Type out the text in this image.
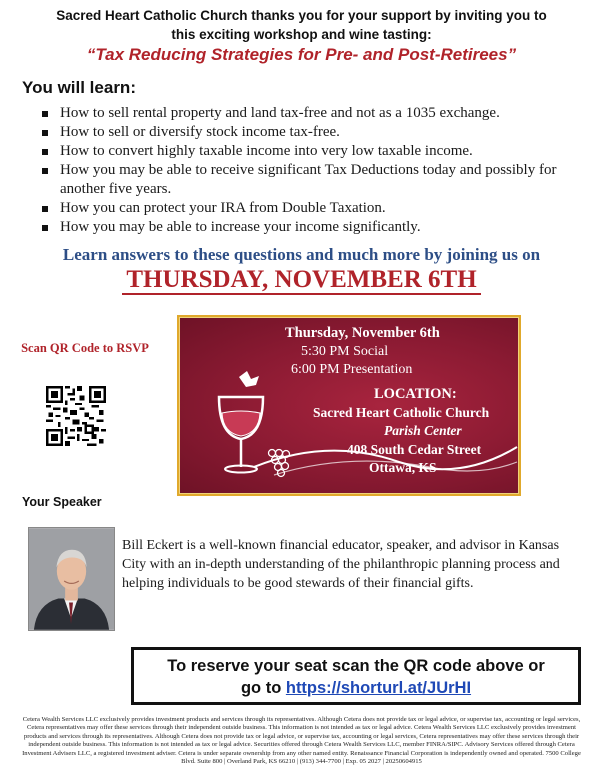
Sacred Heart Catholic Church thanks you for your support by inviting you to
this exciting workshop and wine tasting:
“Tax Reducing Strategies for Pre- and Post-Retirees”
You will learn:
How to sell rental property and land tax-free and not as a 1035 exchange.
How to sell or diversify stock income tax-free.
How to convert highly taxable income into very low taxable income.
How you may be able to receive significant Tax Deductions today and possibly for another five years.
How you can protect your IRA from Double Taxation.
How you may be able to increase your income significantly.
Learn answers to these questions and much more by joining us on
THURSDAY, NOVEMBER 6TH
Scan QR Code to RSVP
Thursday, November 6th
5:30 PM Social
6:00 PM Presentation
LOCATION:
Sacred Heart Catholic Church
Parish Center
408 South Cedar Street
Ottawa, KS
Your Speaker
Bill Eckert is a well-known financial educator, speaker, and advisor in Kansas City with an in-depth understanding of the philanthropic planning process and helping individuals to be good stewards of their financial gifts.
To reserve your seat scan the QR code above or
go to https://shorturl.at/JUrHI
Cetera Wealth Services LLC exclusively provides investment products and services through its representatives. Although Cetera does not provide tax or legal advice, or supervise tax, accounting or legal services, Cetera representatives may offer these services through their independent outside business. This information is not intended as tax or legal advice. Cetera Wealth Services LLC exclusively provides investment products and services through its representatives. Although Cetera does not provide tax or legal advice, or supervise tax, accounting or legal services, Cetera representatives may offer these services through their independent outside business. This information is not intended as tax or legal advice. Securities offered through Cetera Wealth Services LLC, member FINRA/SIPC. Advisory Services offered through Cetera Investment Advisers LLC, a registered investment adviser. Cetera is under separate ownership from any other named entity. Renaissance Financial Corporation is independently owned and operated. 7500 College Blvd. Suite 800 | Overland Park, KS 66210 | (913) 344-7700 | Exp. 05 2027 | 20250604915
